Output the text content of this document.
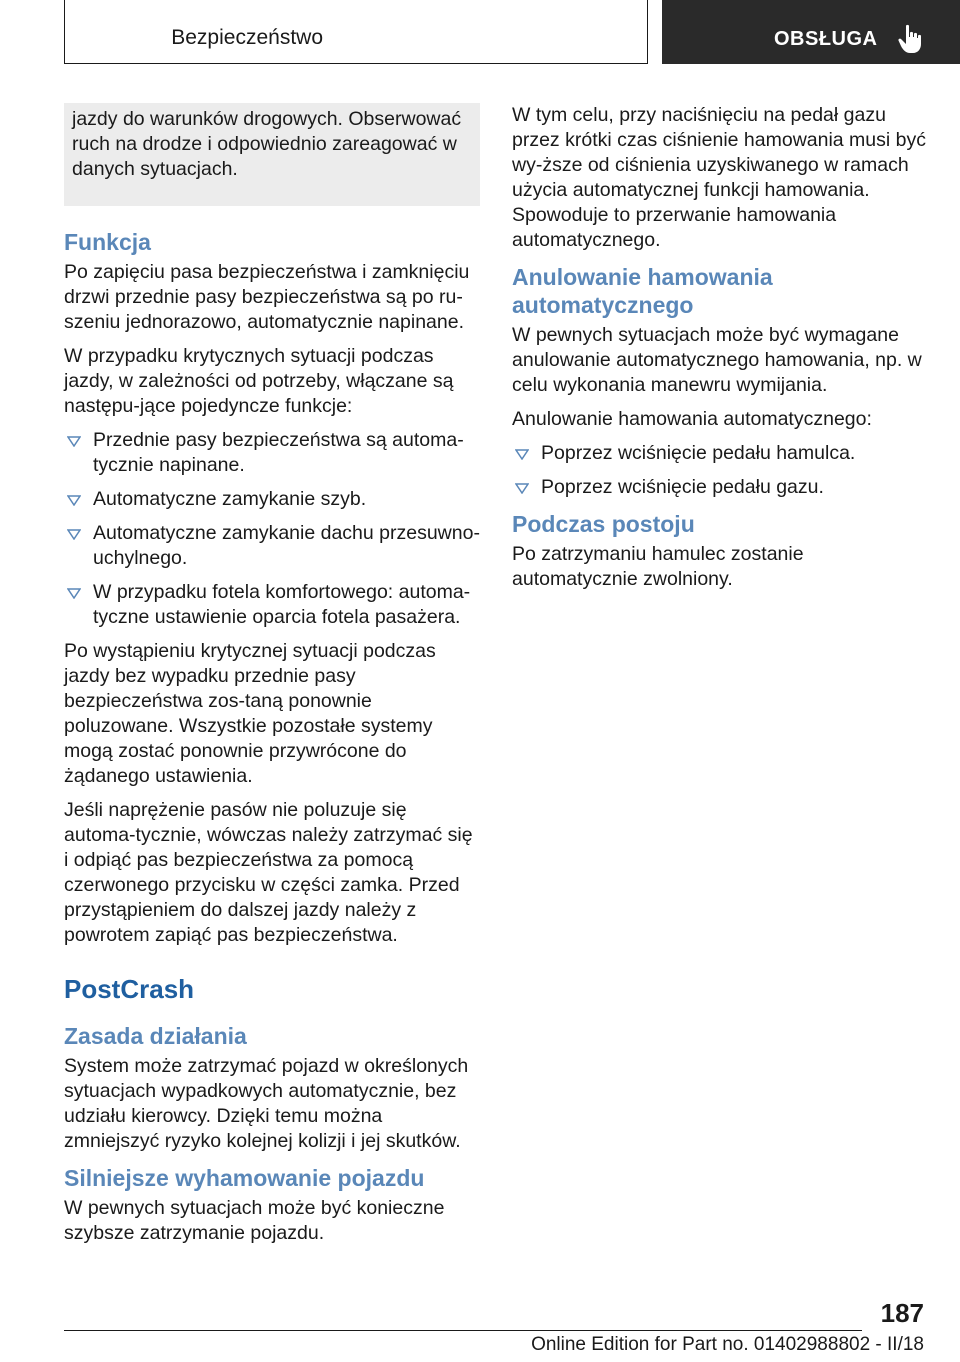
Bezpieczeństwo	OBSŁUGA

jazdy do warunków drogowych. Obserwować ruch na drodze i odpowiednio zareagować w danych sytuacjach.

Funkcja

Po zapięciu pasa bezpieczeństwa i zamknięciu drzwi przednie pasy bezpieczeństwa są po ru-szeniu jednorazowo, automatycznie napinane.

W przypadku krytycznych sytuacji podczas jazdy, w zależności od potrzeby, włączane są następu-jące pojedyncze funkcje:

Przednie pasy bezpieczeństwa są automa-tycznie napinane.
Automatyczne zamykanie szyb.
Automatyczne zamykanie dachu przesuwno-uchylnego.
W przypadku fotela komfortowego: automa-tyczne ustawienie oparcia fotela pasażera.

Po wystąpieniu krytycznej sytuacji podczas jazdy bez wypadku przednie pasy bezpieczeństwa zos-taną ponownie poluzowane. Wszystkie pozostałe systemy mogą zostać ponownie przywrócone do żądanego ustawienia.

Jeśli naprężenie pasów nie poluzuje się automa-tycznie, wówczas należy zatrzymać się i odpiąć pas bezpieczeństwa za pomocą czerwonego przycisku w części zamka. Przed przystąpieniem do dalszej jazdy należy z powrotem zapiąć pas bezpieczeństwa.

PostCrash
Zasada działania

System może zatrzymać pojazd w określonych sytuacjach wypadkowych automatycznie, bez udziału kierowcy. Dzięki temu można zmniejszyć ryzyko kolejnej kolizji i jej skutków.

Silniejsze wyhamowanie pojazdu

W pewnych sytuacjach może być konieczne szybsze zatrzymanie pojazdu.

W tym celu, przy naciśnięciu na pedał gazu przez krótki czas ciśnienie hamowania musi być wy-ższe od ciśnienia uzyskiwanego w ramach użycia automatycznej funkcji hamowania. Spowoduje to przerwanie hamowania automatycznego.

Anulowanie hamowania automatycznego

W pewnych sytuacjach może być wymagane anulowanie automatycznego hamowania, np. w celu wykonania manewru wymijania.

Anulowanie hamowania automatycznego:

Poprzez wciśnięcie pedału hamulca.
Poprzez wciśnięcie pedału gazu.
Podczas postoju

Po zatrzymaniu hamulec zostanie automatycznie zwolniony.

187
Online Edition for Part no. 01402988802 - II/18
